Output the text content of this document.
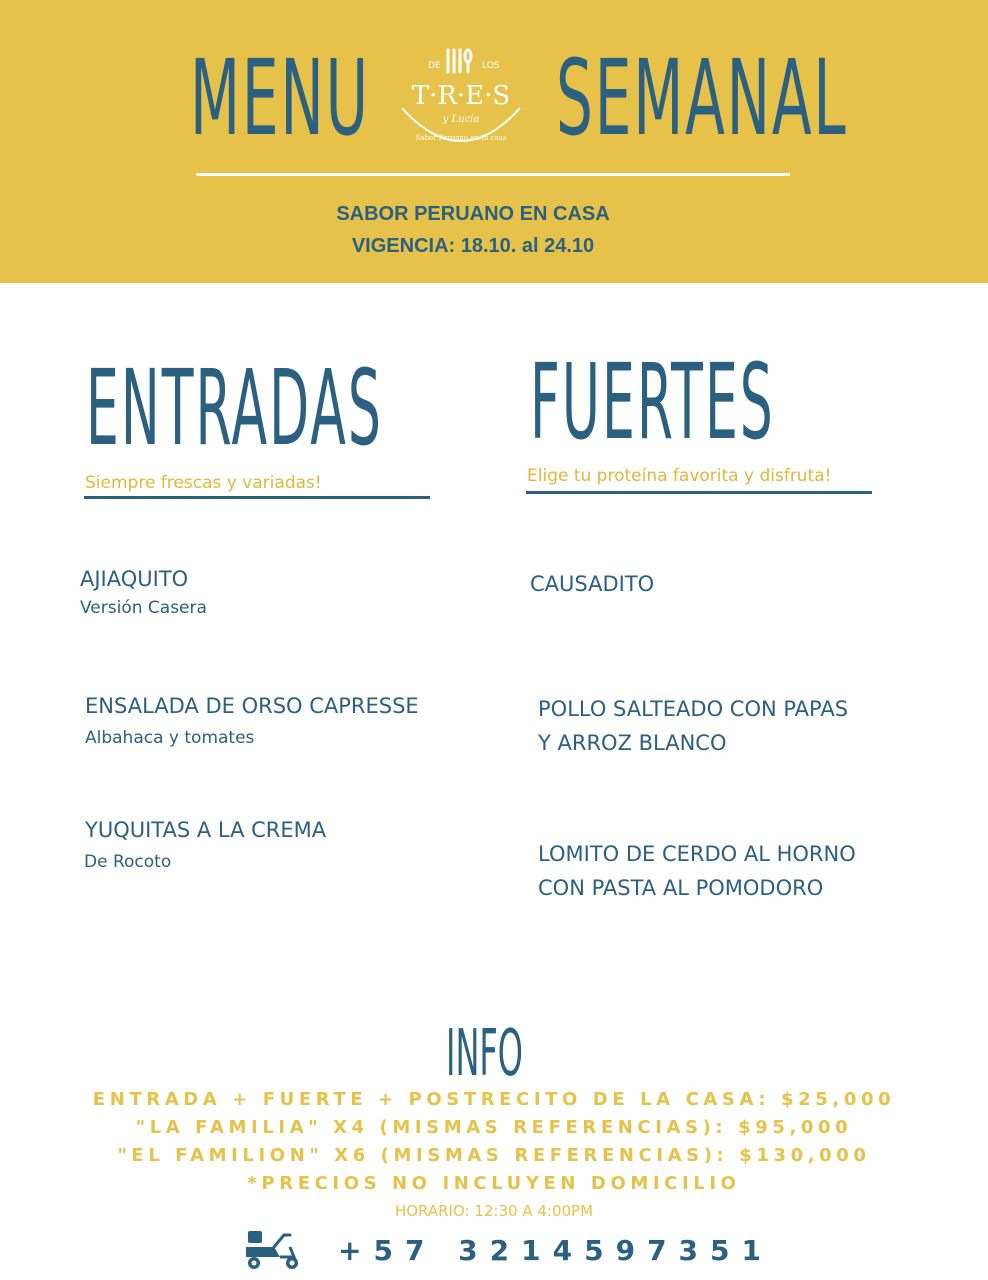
MENU	DE	LOS
T·R·E·S
y Lucia
Sabor Peruano en tu casa SEMANAL
SABOR PERUANO EN CASA
VIGENCIA: 18.10. al 24.10
ENTRADAS
Siempre frescas y variadas!
AJIAQUITO
Versión Casera
ENSALADA DE ORSO CAPRESSE
Albahaca y tomates
YUQUITAS A LA CREMA
De Rocoto
FUERTES
Elige tu proteína favorita y disfruta!
CAUSADITO
POLLO SALTEADO CON PAPAS
Y ARROZ BLANCO
LOMITO DE CERDO AL HORNO
CON PASTA AL POMODORO
INFO
ENTRADA + FUERTE + POSTRECITO DE LA CASA: $25,000
"LA FAMILIA" X4 (MISMAS REFERENCIAS): $95,000
"EL FAMILION" X6 (MISMAS REFERENCIAS): $130,000
*PRECIOS NO INCLUYEN DOMICILIO
HORARIO: 12:30 A 4:00PM
+57 3214597351
